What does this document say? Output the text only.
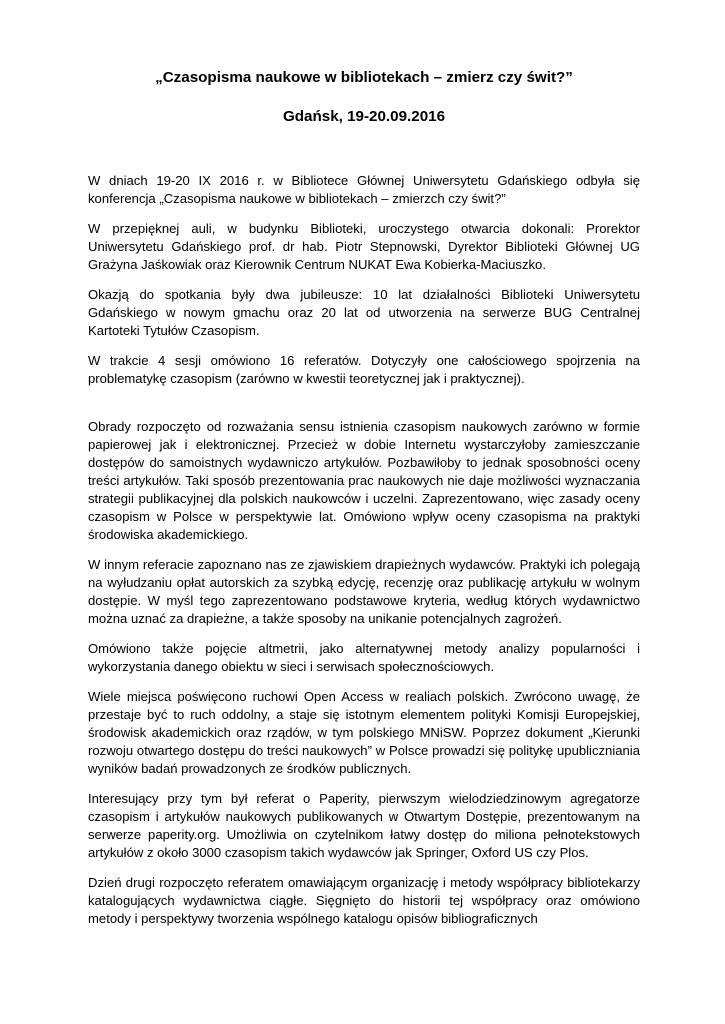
„Czasopisma naukowe w bibliotekach – zmierz czy świt?”
Gdańsk, 19-20.09.2016

W dniach 19-20 IX 2016 r. w Bibliotece Głównej Uniwersytetu Gdańskiego odbyła się konferencja „Czasopisma naukowe w bibliotekach – zmierzch czy świt?”

W przepięknej auli, w budynku Biblioteki, uroczystego otwarcia dokonali: Prorektor Uniwersytetu Gdańskiego prof. dr hab. Piotr Stepnowski, Dyrektor Biblioteki Głównej UG Grażyna Jaśkowiak oraz Kierownik Centrum NUKAT Ewa Kobierka-Maciuszko.

Okazją do spotkania były dwa jubileusze: 10 lat działalności Biblioteki Uniwersytetu Gdańskiego w nowym gmachu oraz 20 lat od utworzenia na serwerze BUG Centralnej Kartoteki Tytułów Czasopism.

W trakcie 4 sesji omówiono 16 referatów. Dotyczyły one całościowego spojrzenia na problematykę czasopism (zarówno w kwestii teoretycznej jak i praktycznej).

Obrady rozpoczęto od rozważania sensu istnienia czasopism naukowych zarówno w formie papierowej jak i elektronicznej. Przecież w dobie Internetu wystarczyłoby zamieszczanie dostępów do samoistnych wydawniczo artykułów. Pozbawiłoby to jednak sposobności oceny treści artykułów. Taki sposób prezentowania prac naukowych nie daje możliwości wyznaczania strategii publikacyjnej dla polskich naukowców i uczelni. Zaprezentowano, więc zasady oceny czasopism w Polsce w perspektywie lat. Omówiono wpływ oceny czasopisma na praktyki środowiska akademickiego.

W innym referacie zapoznano nas ze zjawiskiem drapieżnych wydawców. Praktyki ich polegają na wyłudzaniu opłat autorskich za szybką edycję, recenzję oraz publikację artykułu w wolnym dostępie. W myśl tego zaprezentowano podstawowe kryteria, według których wydawnictwo można uznać za drapieżne, a także sposoby na unikanie potencjalnych zagrożeń.

Omówiono także pojęcie altmetrii, jako alternatywnej metody analizy popularności i wykorzystania danego obiektu w sieci i serwisach społecznościowych.

Wiele miejsca poświęcono ruchowi Open Access w realiach polskich. Zwrócono uwagę, że przestaje być to ruch oddolny, a staje się istotnym elementem polityki Komisji Europejskiej, środowisk akademickich oraz rządów, w tym polskiego MNiSW. Poprzez dokument „Kierunki rozwoju otwartego dostępu do treści naukowych” w Polsce prowadzi się politykę upublicznianiа wyników badań prowadzonych ze środków publicznych.

Interesujący przy tym był referat o Paperity, pierwszym wielodziedzinowym agregatorze czasopism i artykułów naukowych publikowanych w Otwartym Dostępie, prezentowanym na serwerze paperity.org. Umożliwia on czytelnikom łatwy dostęp do miliona pełnotekstowych artykułów z około 3000 czasopism takich wydawców jak Springer, Oxford US czy Plos.

Dzień drugi rozpoczęto referatem omawiającym organizację i metody współpracy bibliotekarzy katalogujących wydawnictwa ciągłe. Sięgnięto do historii tej współpracy oraz omówiono metody i perspektywy tworzenia wspólnego katalogu opisów bibliograficznych
